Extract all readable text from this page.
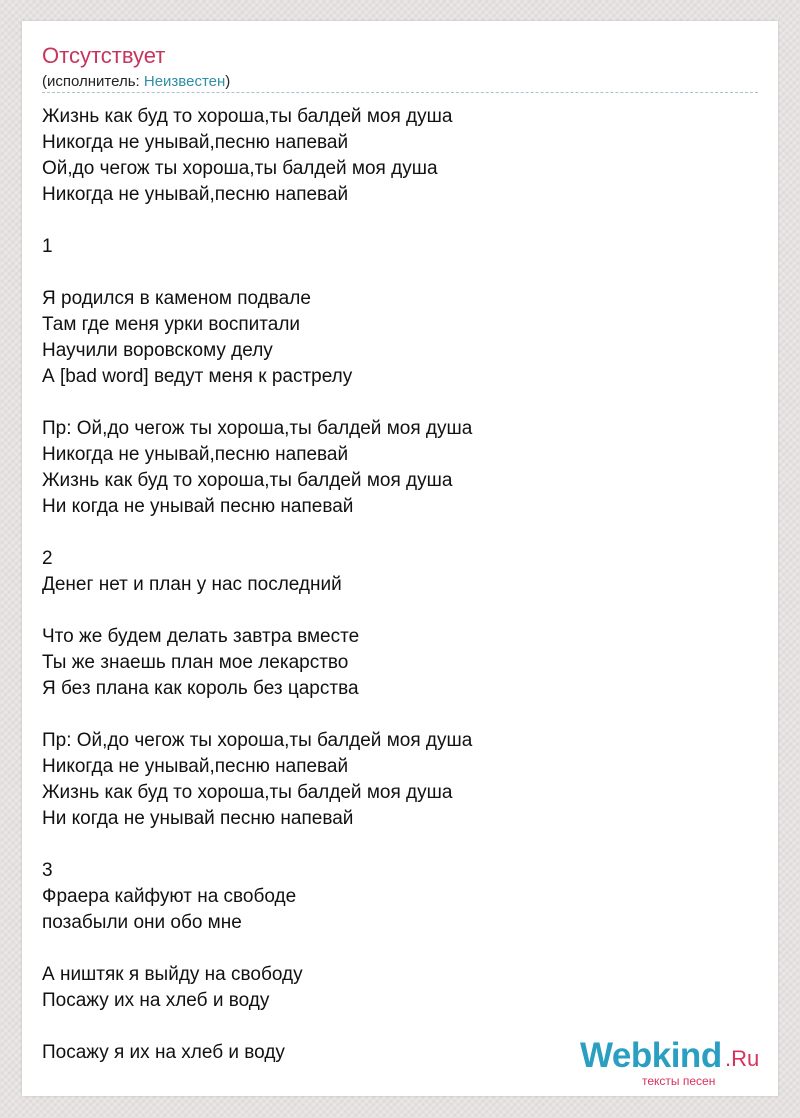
Отсутствует
(исполнитель: Неизвестен)
Жизнь как буд то хороша,ты балдей моя душа
Никогда не унывай,песню напевай
Ой,до чегож ты хороша,ты балдей моя душа
Никогда не унывай,песню напевай
1
Я родился в каменом подвале
Там где меня урки воспитали
Научили воровскому делу
А [bad word] ведут меня к растрелу
Пр: Ой,до чегож ты хороша,ты балдей моя душа
Никогда не унывай,песню напевай
Жизнь как буд то хороша,ты балдей моя душа
Ни когда не унывай песню напевай
2
Денег нет и план у нас последний
Что же будем делать завтра вместе
Ты же знаешь план мое лекарство
Я без плана как король без царства
Пр: Ой,до чегож ты хороша,ты балдей моя душа
Никогда не унывай,песню напевай
Жизнь как буд то хороша,ты балдей моя душа
Ни когда не унывай песню напевай
3
Фраера кайфуют на свободе
позабыли они обо мне
А ништяк я выйду на свободу
Посажу их на хлеб и воду
Посажу я их на хлеб и воду	Webkind .Ru
тексты песен
